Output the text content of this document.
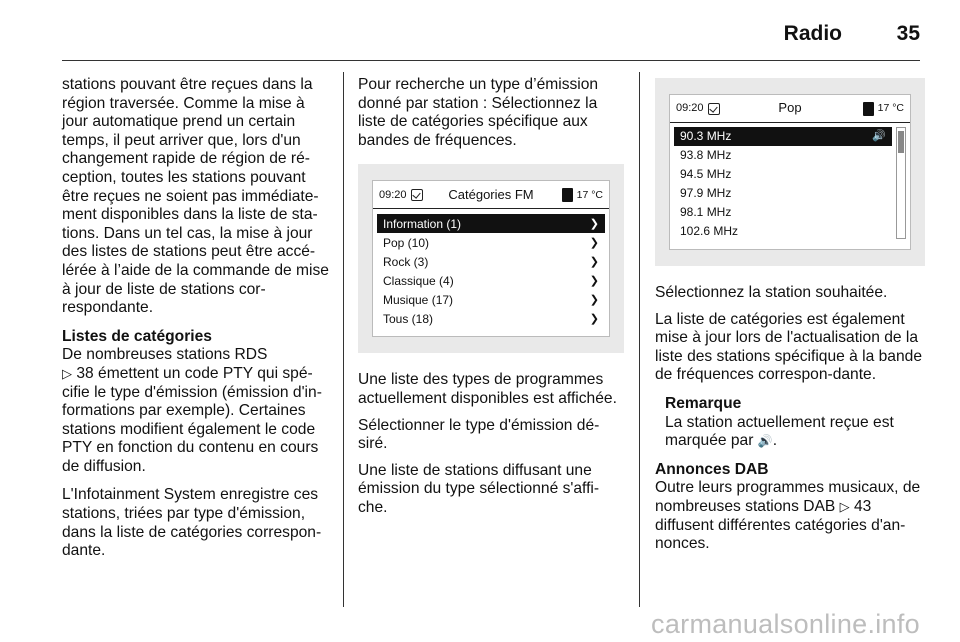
Radio	35

stations pouvant être reçues dans la région traversée. Comme la mise à jour automatique prend un certain temps, il peut arriver que, lors d'un changement rapide de région de ré-ception, toutes les stations pouvant être reçues ne soient pas immédiate-ment disponibles dans la liste de sta-tions. Dans un tel cas, la mise à jour des listes de stations peut être accé-lérée à l’aide de la commande de mise à jour de liste de stations cor-respondante.

Listes de catégories

De nombreuses stations RDS
▷ 38 émettent un code PTY qui spé-cifie le type d'émission (émission d'in-formations par exemple). Certaines stations modifient également le code PTY en fonction du contenu en cours de diffusion.

L'Infotainment System enregistre ces stations, triées par type d'émission, dans la liste de catégories correspon-dante.

Pour recherche un type d’émission donné par station : Sélectionnez la liste de catégories spécifique aux bandes de fréquences.

09:20	Catégories FM	17 °C
Information (1)	❯
Pop (10)	❯
Rock (3)	❯
Classique (4)	❯
Musique (17)	❯
Tous (18)	❯

Une liste des types de programmes actuellement disponibles est affichée.

Sélectionner le type d'émission dé-siré.

Une liste de stations diffusant une émission du type sélectionné s'affi-che.

09:20	Pop	17 °C
90.3 MHz	🔊
93.8 MHz
94.5 MHz
97.9 MHz
98.1 MHz
102.6 MHz

Sélectionnez la station souhaitée.

La liste de catégories est également mise à jour lors de l'actualisation de la liste des stations spécifique à la bande de fréquences correspon-dante.

Remarque

La station actuellement reçue est marquée par 🔊.

Annonces DAB

Outre leurs programmes musicaux, de nombreuses stations DAB ▷ 43 diffusent différentes catégories d'an-nonces.

carmanualsonline.info
